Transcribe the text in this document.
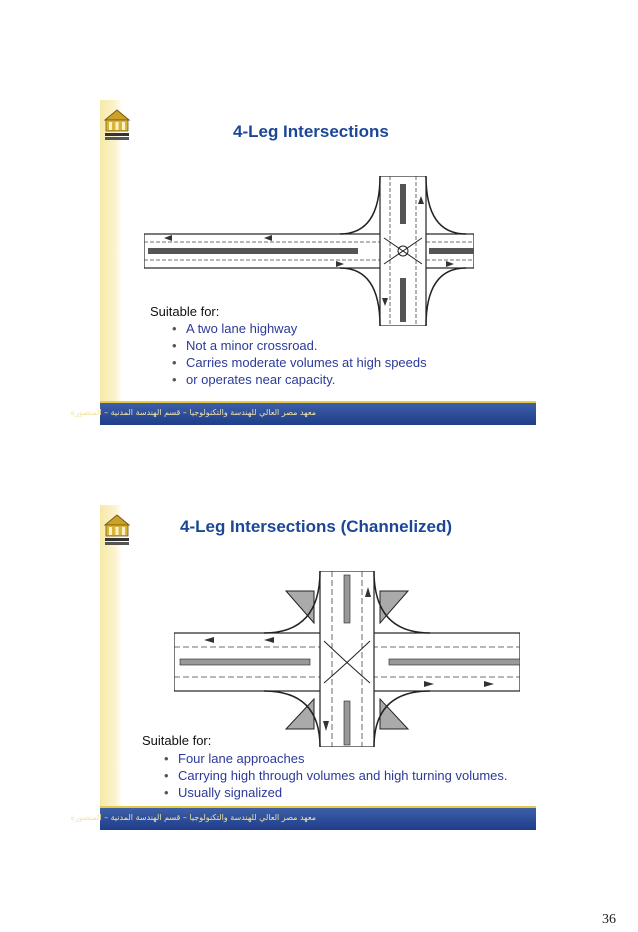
4-Leg Intersections
Suitable for:
• A two lane highway
• Not a minor crossroad.
• Carries moderate volumes at high speeds
• or operates near capacity.
معهد مصر العالي للهندسة والتكنولوجيا – قسم الهندسة المدنية – المنصورة
4-Leg Intersections (Channelized)
Suitable for:
• Four lane approaches
• Carrying high through volumes and high turning volumes.
• Usually signalized
معهد مصر العالي للهندسة والتكنولوجيا – قسم الهندسة المدنية – المنصورة
36
